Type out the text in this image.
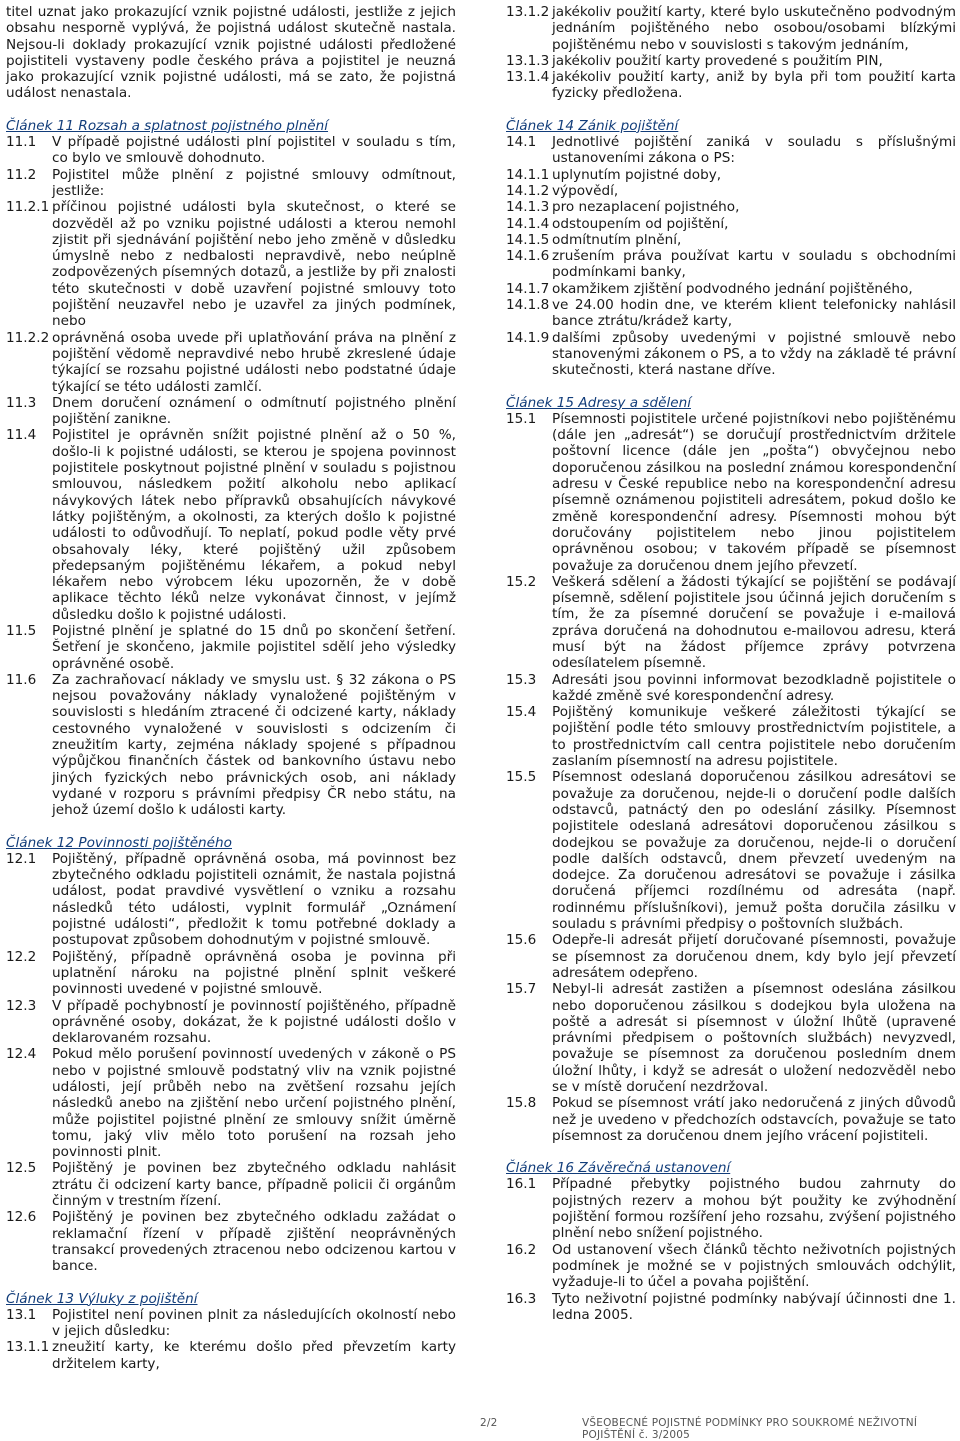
titel uznat jako prokazující vznik pojistné události, jestliže z jejich obsahu nesporně vyplývá, že pojistná událost skutečně nastala. Nejsou-li doklady prokazující vznik pojistné události předložené pojistiteli vystaveny podle českého práva a pojistitel je neuzná jako prokazující vznik pojistné události, má se zato, že pojistná událost nenastala.

Článek 11 Rozsah a splatnost pojistného plnění

11.1	V případě pojistné události plní pojistitel v souladu s tím, co bylo ve smlouvě dohodnuto.
11.2	Pojistitel může plnění z pojistné smlouvy odmítnout, jestliže:
11.2.1 příčinou pojistné události byla skutečnost, o které se dozvěděl až po vzniku pojistné události a kterou nemohl zjistit při sjednávání pojištění nebo jeho změně v důsledku úmyslně nebo z nedbalosti nepravdivě, nebo neúplně zodpovězených písemných dotazů, a jestliže by při znalosti této skutečnosti v době uzavření pojistné smlouvy toto pojištění neuzavřel nebo je uzavřel za jiných podmínek, nebo
11.2.2 oprávněná osoba uvede při uplatňování práva na plnění z pojištění vědomě nepravdivé nebo hrubě zkreslené údaje týkající se rozsahu pojistné události nebo podstatné údaje týkající se této události zamlčí.
11.3	Dnem doručení oznámení o odmítnutí pojistného plnění pojištění zanikne.
11.4	Pojistitel je oprávněn snížit pojistné plnění až o 50 %, došlo-li k pojistné události, se kterou je spojena povinnost pojistitele poskytnout pojistné plnění v souladu s pojistnou smlouvou, následkem požití alkoholu nebo aplikací návykových látek nebo přípravků obsahujících návykové látky pojištěným, a okolnosti, za kterých došlo k pojistné události to odůvodňují. To neplatí, pokud podle věty prvé obsahovaly léky, které pojištěný užil způsobem předepsaným pojištěnému lékařem, a pokud nebyl lékařem nebo výrobcem léku upozorněn, že v době aplikace těchto léků nelze vykonávat činnost, v jejímž důsledku došlo k pojistné události.
11.5	Pojistné plnění je splatné do 15 dnů po skončení šetření. Šetření je skončeno, jakmile pojistitel sdělí jeho výsledky oprávněné osobě.
11.6	Za zachraňovací náklady ve smyslu ust. § 32 zákona o PS nejsou považovány náklady vynaložené pojištěným v souvislosti s hledáním ztracené či odcizené karty, náklady cestovného vynaložené v souvislosti s odcizením či zneužitím karty, zejména náklady spojené s případnou výpůjčkou finančních částek od bankovního ústavu nebo jiných fyzických nebo právnických osob, ani náklady vydané v rozporu s právními předpisy ČR nebo státu, na jehož území došlo k události karty.

Článek 12 Povinnosti pojištěného

12.1	Pojištěný, případně oprávněná osoba, má povinnost bez zbytečného odkladu pojistiteli oznámit, že nastala pojistná událost, podat pravdivé vysvětlení o vzniku a rozsahu následků této události, vyplnit formulář „Oznámení pojistné události“, předložit k tomu potřebné doklady a postupovat způsobem dohodnutým v pojistné smlouvě.
12.2	Pojištěný, případně oprávněná osoba je povinna při uplatnění nároku na pojistné plnění splnit veškeré povinnosti uvedené v pojistné smlouvě.
12.3	V případě pochybností je povinností pojištěného, případně oprávněné osoby, dokázat, že k pojistné události došlo v deklarovaném rozsahu.
12.4	Pokud mělo porušení povinností uvedených v zákoně o PS nebo v pojistné smlouvě podstatný vliv na vznik pojistné události, její průběh nebo na zvětšení rozsahu jejích následků anebo na zjištění nebo určení pojistného plnění, může pojistitel pojistné plnění ze smlouvy snížit úměrně tomu, jaký vliv mělo toto porušení na rozsah jeho povinnosti plnit.
12.5	Pojištěný je povinen bez zbytečného odkladu nahlásit ztrátu či odcizení karty bance, případně policii či orgánům činným v trestním řízení.
12.6	Pojištěný je povinen bez zbytečného odkladu zažádat o reklamační řízení v případě zjištění neoprávněných transakcí provedených ztracenou nebo odcizenou kartou v bance.

Článek 13 Výluky z pojištění

13.1	Pojistitel není povinen plnit za následujících okolností nebo v jejich důsledku:
13.1.1 zneužití karty, ke kterému došlo před převzetím karty držitelem karty,
13.1.2 jakékoliv použití karty, které bylo uskutečněno podvodným jednáním pojištěného nebo osobou/osobami blízkými pojištěnému nebo v souvislosti s takovým jednáním,
13.1.3 jakékoliv použití karty provedené s použitím PIN,
13.1.4 jakékoliv použití karty, aniž by byla při tom použití karta fyzicky předložena.

Článek 14 Zánik pojištění

14.1	Jednotlivé pojištění zaniká v souladu s příslušnými ustanoveními zákona o PS:
14.1.1 uplynutím pojistné doby,
14.1.2 výpovědí,
14.1.3 pro nezaplacení pojistného,
14.1.4 odstoupením od pojištění,
14.1.5 odmítnutím plnění,
14.1.6 zrušením práva používat kartu v souladu s obchodními podmínkami banky,
14.1.7 okamžikem zjištění podvodného jednání pojištěného,
14.1.8 ve 24.00 hodin dne, ve kterém klient telefonicky nahlásil bance ztrátu/krádež karty,
14.1.9 dalšími způsoby uvedenými v pojistné smlouvě nebo stanovenými zákonem o PS, a to vždy na základě té právní skutečnosti, která nastane dříve.

Článek 15 Adresy a sdělení

15.1	Písemnosti pojistitele určené pojistníkovi nebo pojištěnému (dále jen „adresát“) se doručují prostřednictvím držitele poštovní licence (dále jen „pošta“) obvyčejnou nebo doporučenou zásilkou na poslední známou korespondenční adresu v České republice nebo na korespondenční adresu písemně oznámenou pojistiteli adresátem, pokud došlo ke změně korespondenční adresy. Písemnosti mohou být doručovány pojistitelem nebo jinou pojistitelem oprávněnou osobou; v takovém případě se písemnost považuje za doručenou dnem jejího převzetí.
15.2	Veškerá sdělení a žádosti týkající se pojištění se podávají písemně, sdělení pojistitele jsou účinná jejich doručením s tím, že za písemné doručení se považuje i e-mailová zpráva doručená na dohodnutou e-mailovou adresu, která musí být na žádost příjemce zprávy potvrzena odesílatelem písemně.
15.3	Adresáti jsou povinni informovat bezodkladně pojistitele o každé změně své korespondenční adresy.
15.4	Pojištěný komunikuje veškeré záležitosti týkající se pojištění podle této smlouvy prostřednictvím pojistitele, a to prostřednictvím call centra pojistitele nebo doručením zaslaním písemností na adresu pojistitele.
15.5	Písemnost odeslaná doporučenou zásilkou adresátovi se považuje za doručenou, nejde-li o doručení podle dalších odstavců, patnáctý den po odeslání zásilky. Písemnost pojistitele odeslaná adresátovi doporučenou zásilkou s dodejkou se považuje za doručenou, nejde-li o doručení podle dalších odstavců, dnem převzetí uvedeným na dodejce. Za doručenou adresátovi se považuje i zásilka doručená příjemci rozdílnému od adresáta (např. rodinnému příslušníkovi), jemuž pošta doručila zásilku v souladu s právními předpisy o poštovních službách.
15.6	Odepře-li adresát přijetí doručované písemnosti, považuje se písemnost za doručenou dnem, kdy bylo její převzetí adresátem odepřeno.
15.7	Nebyl-li adresát zastižen a písemnost odeslána zásilkou nebo doporučenou zásilkou s dodejkou byla uložena na poště a adresát si písemnost v úložní lhůtě (upravené právními předpisem o poštovních službách) nevyzvedl, považuje se písemnost za doručenou posledním dnem úložní lhůty, i když se adresát o uložení nedozvěděl nebo se v místě doručení nezdržoval.
15.8	Pokud se písemnost vrátí jako nedoručená z jiných důvodů než je uvedeno v předchozích odstavcích, považuje se tato písemnost za doručenou dnem jejího vrácení pojistiteli.

Článek 16 Závěrečná ustanovení

16.1	Případné přebytky pojistného budou zahrnuty do pojistných rezerv a mohou být použity ke zvýhodnění pojištění formou rozšíření jeho rozsahu, zvýšení pojistného plnění nebo snížení pojistného.
16.2	Od ustanovení všech článků těchto neživotních pojistných podmínek je možné se v pojistných smlouvách odchýlit, vyžaduje-li to účel a povaha pojištění.
16.3	Tyto neživotní pojistné podmínky nabývají účinnosti dne 1. ledna 2005.
2/2	VŠEOBECNÉ POJISTNÉ PODMÍNKY PRO SOUKROMÉ NEŽIVOTNÍ POJIŠTĚNÍ č. 3/2005
